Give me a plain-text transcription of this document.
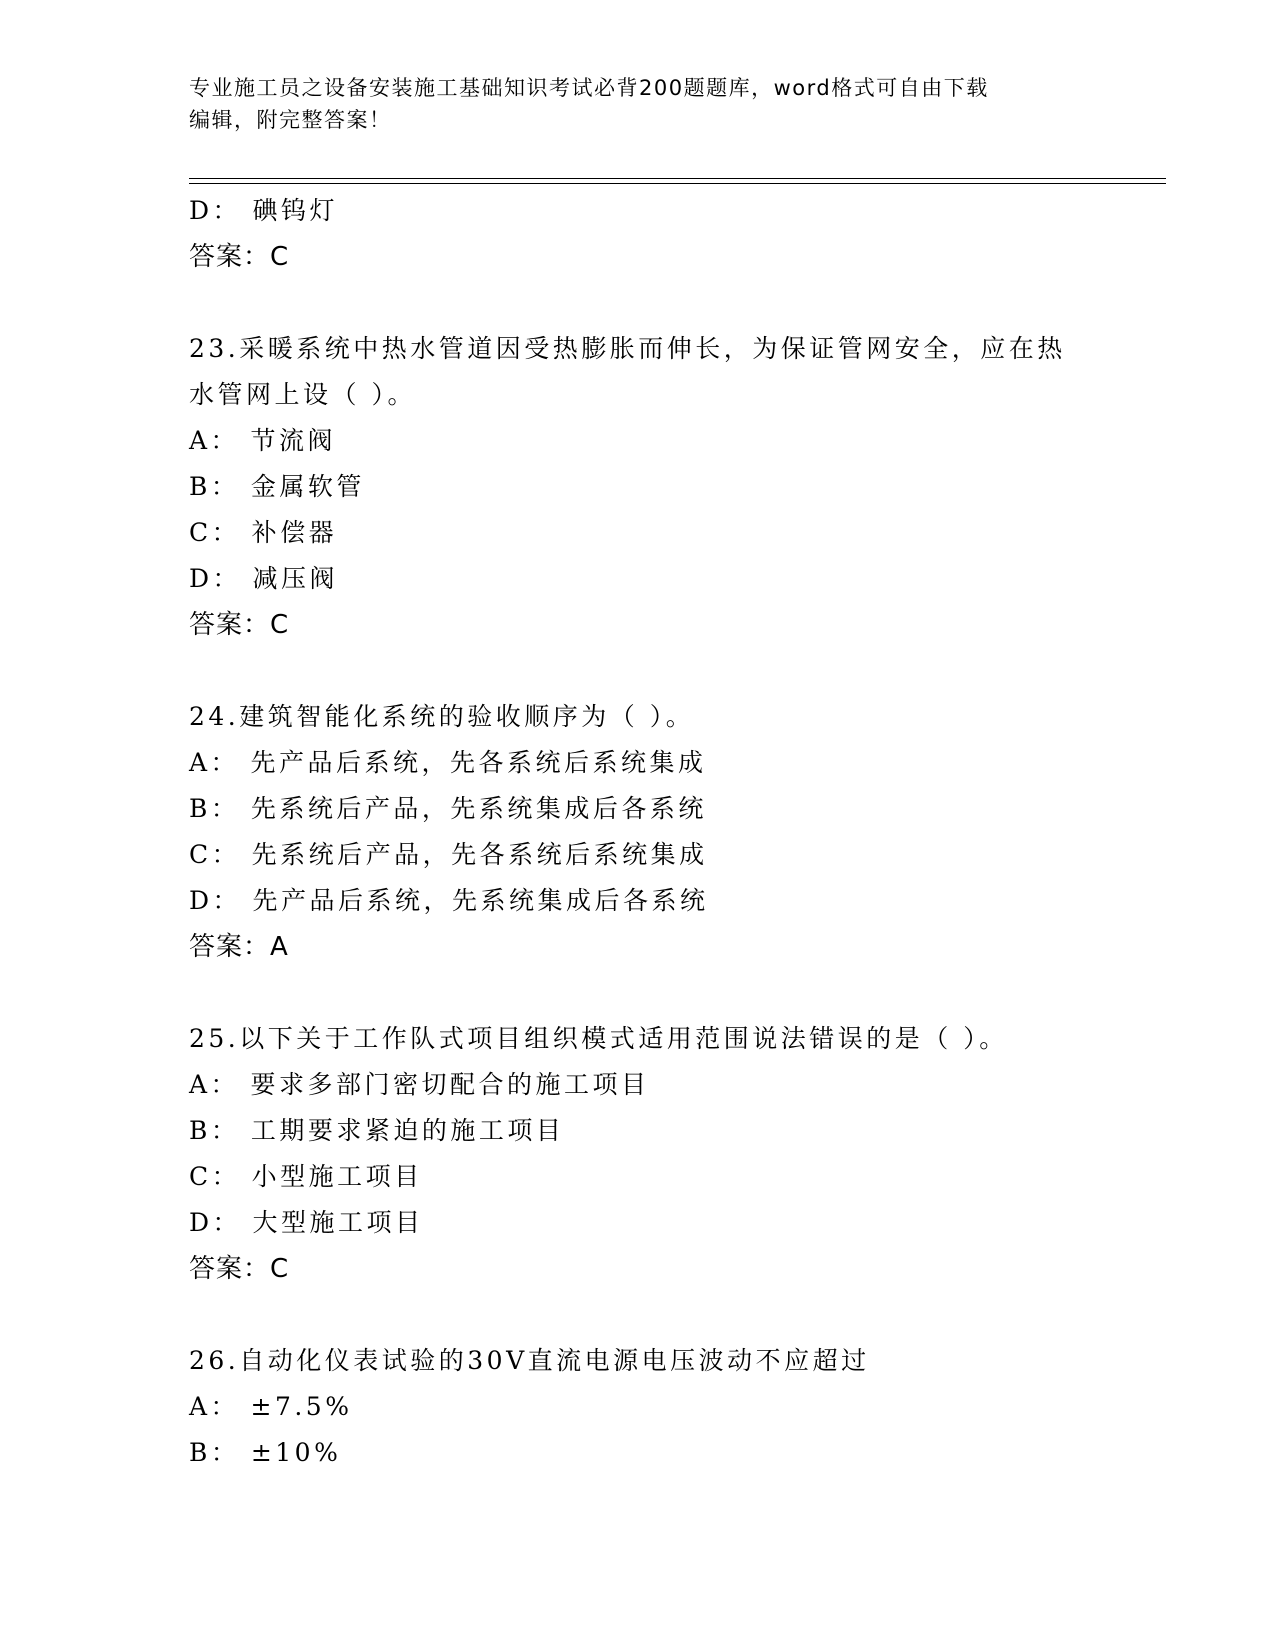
专业施工员之设备安装施工基础知识考试必背200题题库，word格式可自由下载
编辑，附完整答案！
D： 碘钨灯
答案：C
23.采暖系统中热水管道因受热膨胀而伸长，为保证管网安全，应在热
水管网上设（ ）。
A： 节流阀
B： 金属软管
C： 补偿器
D： 减压阀
答案：C
24.建筑智能化系统的验收顺序为（ ）。
A： 先产品后系统，先各系统后系统集成
B： 先系统后产品，先系统集成后各系统
C： 先系统后产品，先各系统后系统集成
D： 先产品后系统，先系统集成后各系统
答案：A
25.以下关于工作队式项目组织模式适用范围说法错误的是（ ）。
A： 要求多部门密切配合的施工项目
B： 工期要求紧迫的施工项目
C： 小型施工项目
D： 大型施工项目
答案：C
26.自动化仪表试验的30V直流电源电压波动不应超过
A： ±7.5%
B： ±10%
